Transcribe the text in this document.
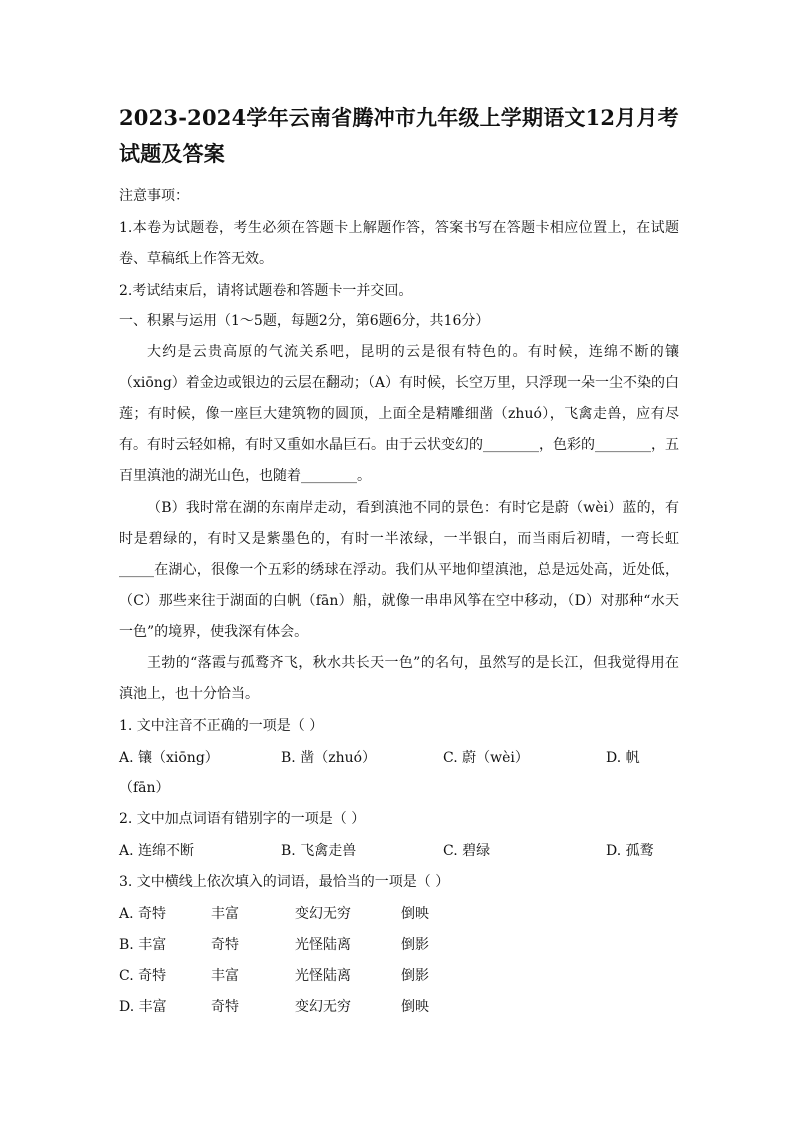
2023-2024学年云南省腾冲市九年级上学期语文12月月考
试题及答案
注意事项：
1.本卷为试题卷，考生必须在答题卡上解题作答，答案书写在答题卡相应位置上，在试题卷、草稿纸上作答无效。
2.考试结束后，请将试题卷和答题卡一并交回。
一、积累与运用（1～5题，每题2分，第6题6分，共16分）
大约是云贵高原的气流关系吧，昆明的云是很有特色的。有时候，连绵不断的镶（xiōng）着金边或银边的云层在翻动；（A）有时候，长空万里，只浮现一朵一尘不染的白莲；有时候，像一座巨大建筑物的圆顶，上面全是精雕细凿（zhuó），飞禽走兽，应有尽有。有时云轻如棉，有时又重如水晶巨石。由于云状变幻的________，色彩的________，五百里滇池的湖光山色，也随着________。
（B）我时常在湖的东南岸走动，看到滇池不同的景色：有时它是蔚（wèi）蓝的，有时是碧绿的，有时又是紫墨色的，有时一半浓绿，一半银白，而当雨后初晴，一弯长虹_____在湖心，很像一个五彩的绣球在浮动。我们从平地仰望滇池，总是远处高，近处低，（C）那些来往于湖面的白帆（fān）船，就像一串串风筝在空中移动，（D）对那种“水天一色”的境界，使我深有体会。
王勃的“落霞与孤鹜齐飞，秋水共长天一色”的名句，虽然写的是长江，但我觉得用在滇池上，也十分恰当。
1. 文中注音不正确的一项是（ ）
A. 镶（xiōng）	B. 凿（zhuó）	C. 蔚（wèi）	D. 帆
（fān）
2. 文中加点词语有错别字的一项是（ ）
A. 连绵不断	B. 飞禽走兽	C. 碧绿	D. 孤鹜
3. 文中横线上依次填入的词语，最恰当的一项是（ ）
A. 奇特	丰富	变幻无穷	倒映
B. 丰富	奇特	光怪陆离	倒影
C. 奇特	丰富	光怪陆离	倒影
D. 丰富	奇特	变幻无穷	倒映
